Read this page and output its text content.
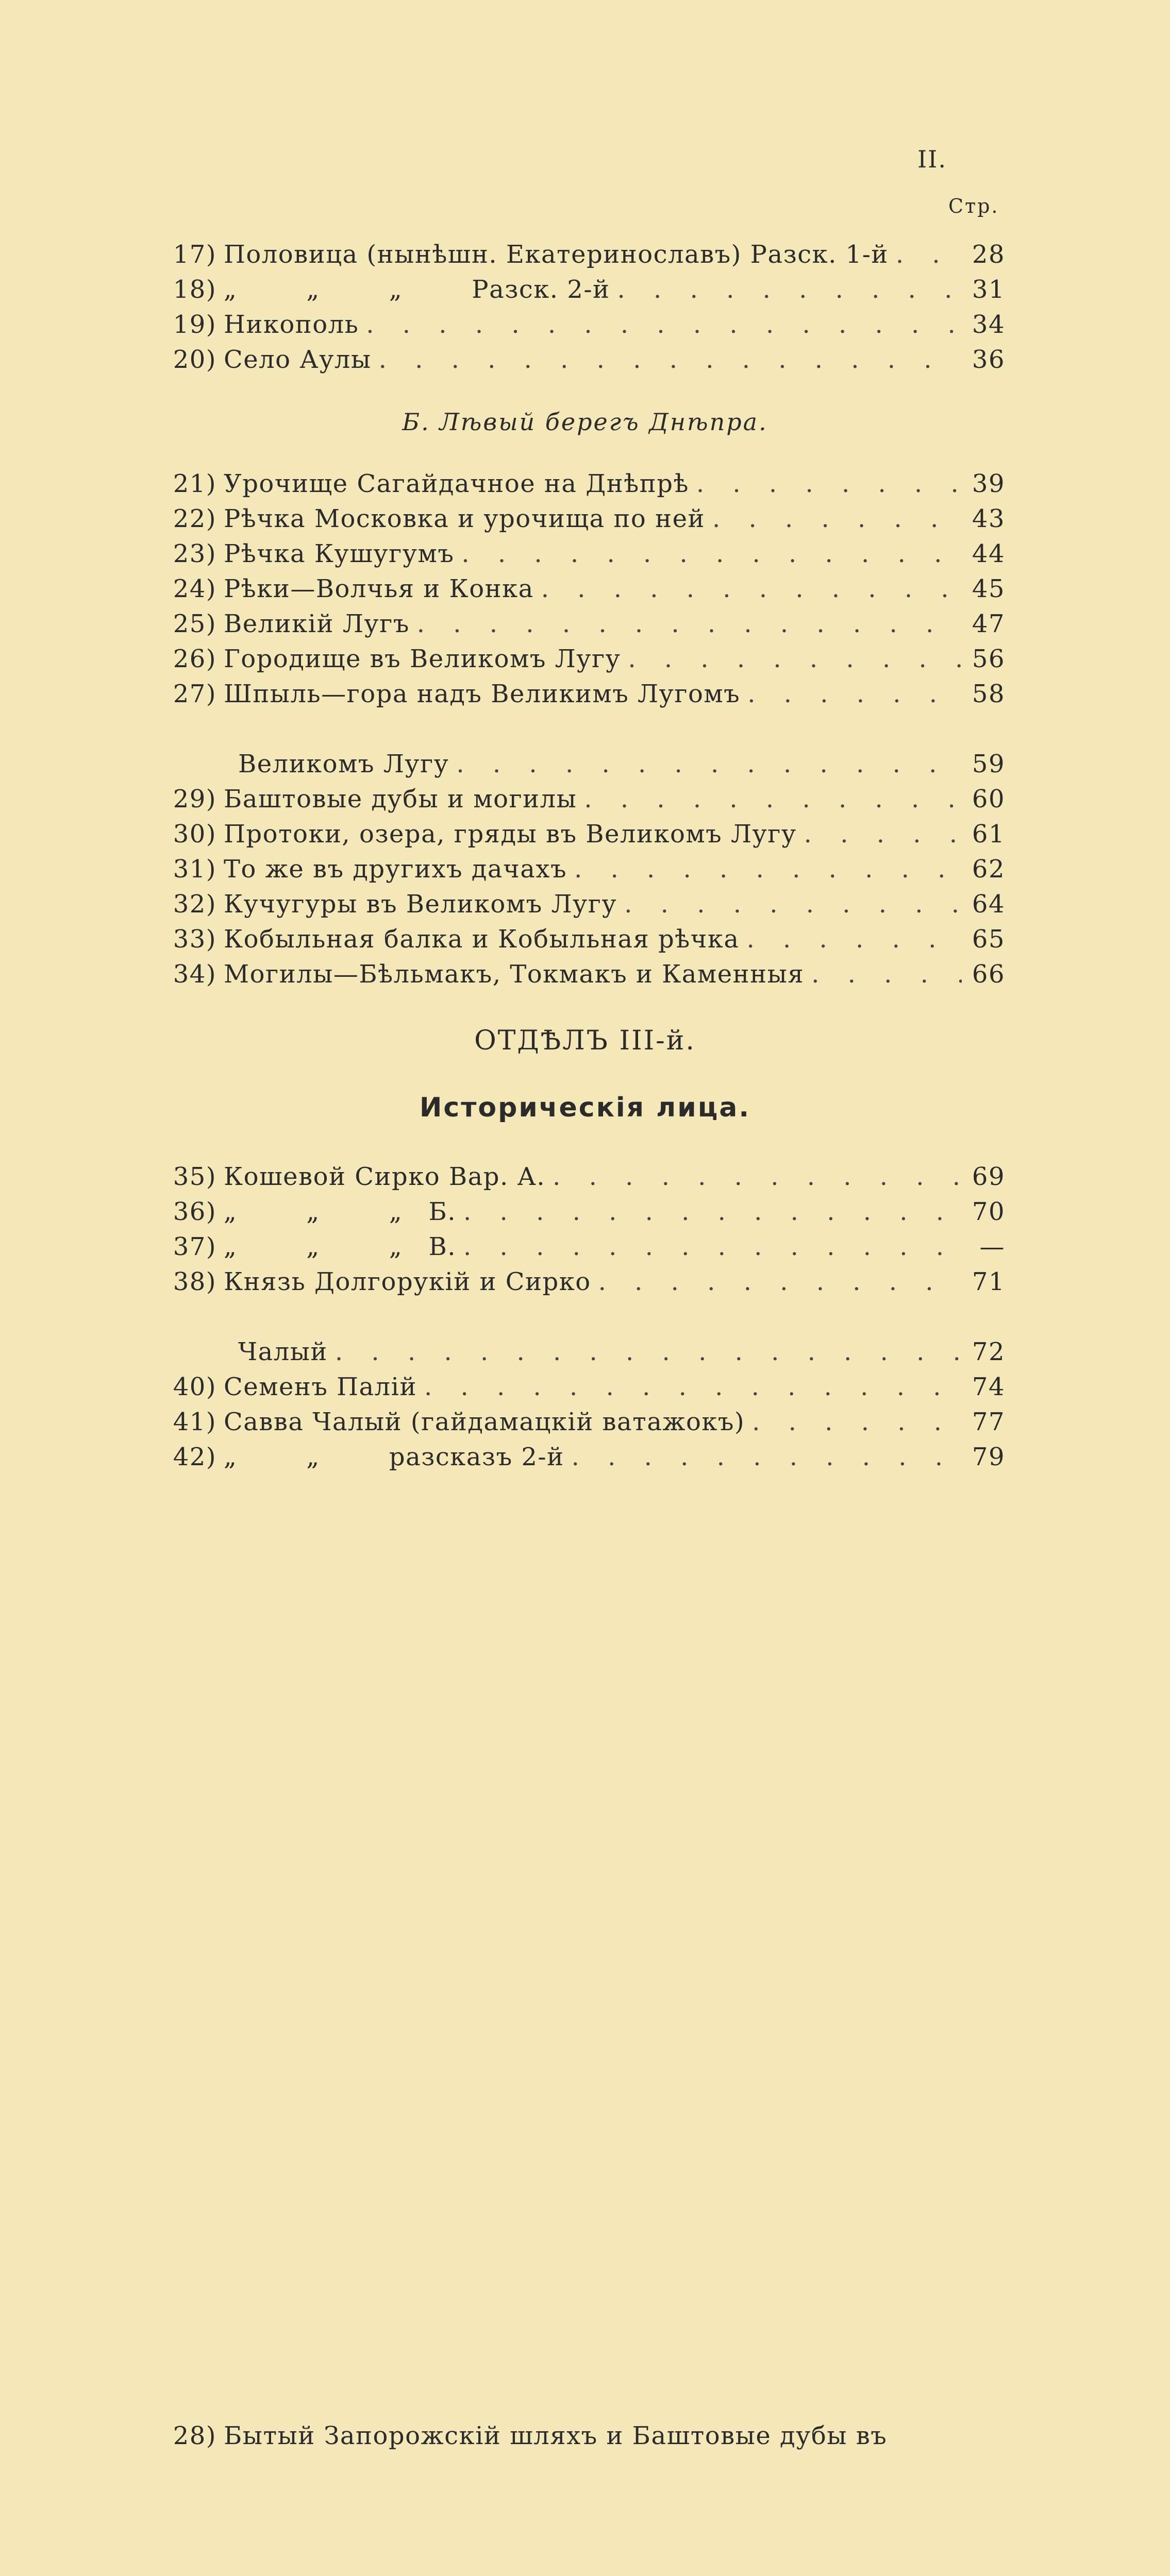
II.
Стр.
17) Половица (нынѣшн. Екатеринославъ) Разск. 1-й . . .	28
18) „        „        „        Разск. 2-й . . .	31
19) Никополь . . .	34
20) Село Аулы . . .	36
Б. Лѣвый берегъ Днѣпра.
21) Урочище Сагайдачное на Днѣпрѣ . . .	39
22) Рѣчка Московка и урочища по ней . . .	43
23) Рѣчка Кушугумъ . . .	44
24) Рѣки—Волчья и Конка . . .	45
25) Великій Лугъ . . .	47
26) Городище въ Великомъ Лугу . . .	56
27) Шпыль—гора надъ Великимъ Лугомъ . . .	58
28) Бытый Запорожскій шляхъ и Баштовые дубы въ
Великомъ Лугу . . .	59
29) Баштовые дубы и могилы . . .	60
30) Протоки, озера, гряды въ Великомъ Лугу . . .	61
31) То же въ другихъ дачахъ . . .	62
32) Кучугуры въ Великомъ Лугу . . .	64
33) Кобыльная балка и Кобыльная рѣчка . . .	65
34) Могилы—Бѣльмакъ, Токмакъ и Каменныя . . .	66
ОТДѢЛЪ III-й.
Историческія лица.
35) Кошевой Сирко Вар. А. . . .	69
36) „        „        „   Б. . . .	70
37) „        „        „   В. . . .	—
38) Князь Долгорукій и Сирко . . .	71
Чалый . . .	72
40) Семенъ Палій . . .	74
41) Савва Чалый (гайдамацкій ватажокъ) . . .	77
42) „        „        разсказъ 2-й . . .	79
